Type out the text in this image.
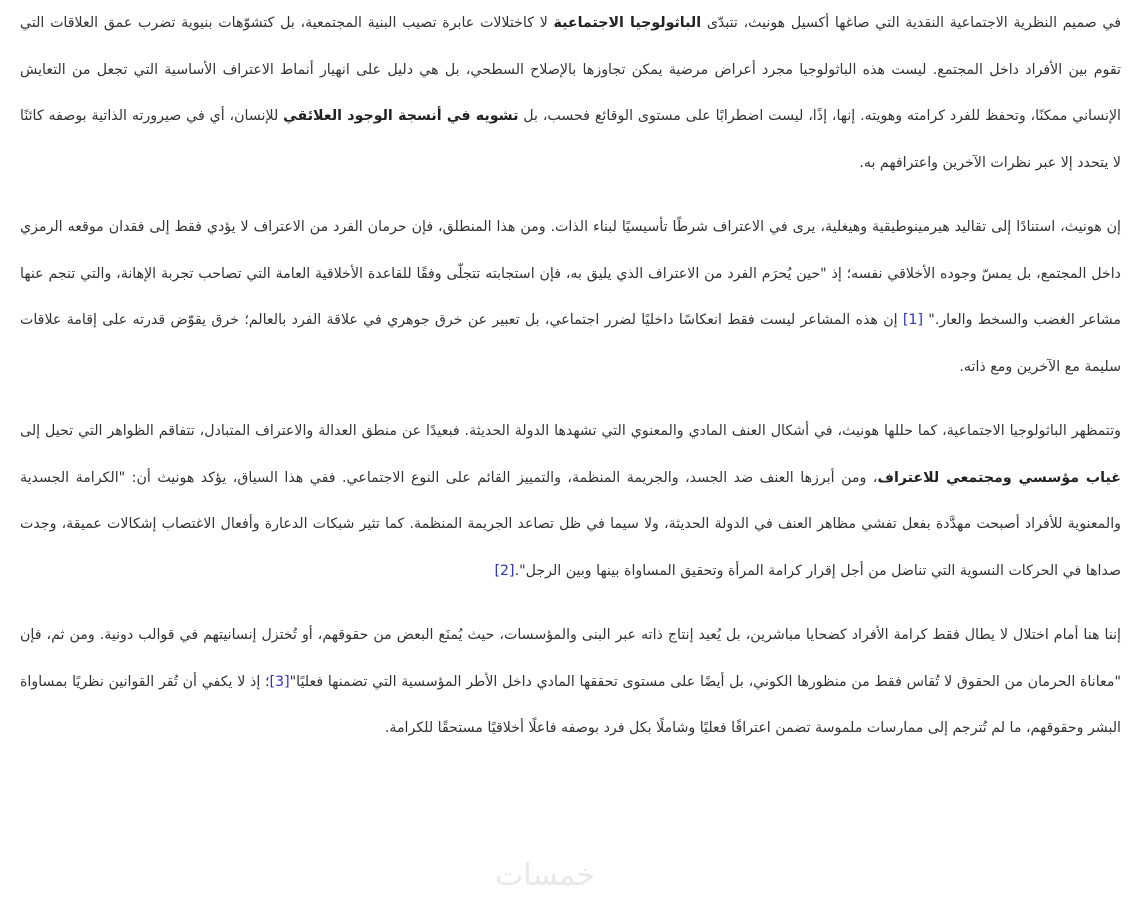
في صميم النظرية الاجتماعية النقدية التي صاغها أكسيل هونيث، تتبدّى الباثولوجيا الاجتماعية لا كاختلالات عابرة تصيب البنية المجتمعية، بل كتشوّهات بنيوية تضرب عمق العلاقات التي تقوم بين الأفراد داخل المجتمع. ليست هذه الباثولوجيا مجرد أعراض مرضية يمكن تجاوزها بالإصلاح السطحي، بل هي دليل على انهيار أنماط الاعتراف الأساسية التي تجعل من التعايش الإنساني ممكنًا، وتحفظ للفرد كرامته وهويته. إنها، إذًا، ليست اضطرابًا على مستوى الوقائع فحسب، بل تشويه في أنسجة الوجود العلائقي للإنسان، أي في صيرورته الذاتية بوصفه كائنًا لا يتحدد إلا عبر نظرات الآخرين واعترافهم به.
إن هونيث، استنادًا إلى تقاليد هيرمينوطيقية وهيغلية، يرى في الاعتراف شرطًا تأسيسيًا لبناء الذات. ومن هذا المنطلق، فإن حرمان الفرد من الاعتراف لا يؤدي فقط إلى فقدان موقعه الرمزي داخل المجتمع، بل يمسّ وجوده الأخلاقي نفسه؛ إذ "حين يُحرَم الفرد من الاعتراف الذي يليق به، فإن استجابته تتجلّى وفقًا للقاعدة الأخلاقية العامة التي تصاحب تجربة الإهانة، والتي تنجم عنها مشاعر الغضب والسخط والعار." [1] إن هذه المشاعر ليست فقط انعكاسًا داخليًا لضرر اجتماعي، بل تعبير عن خرق جوهري في علاقة الفرد بالعالم؛ خرق يقوّض قدرته على إقامة علاقات سليمة مع الآخرين ومع ذاته.
وتتمظهر الباثولوجيا الاجتماعية، كما حللها هونيث، في أشكال العنف المادي والمعنوي التي تشهدها الدولة الحديثة. فبعيدًا عن منطق العدالة والاعتراف المتبادل، تتفاقم الظواهر التي تحيل إلى غياب مؤسسي ومجتمعي للاعتراف، ومن أبرزها العنف ضد الجسد، والجريمة المنظمة، والتمييز القائم على النوع الاجتماعي. ففي هذا السياق، يؤكد هونيث أن: "الكرامة الجسدية والمعنوية للأفراد أصبحت مهدَّدة بفعل تفشي مظاهر العنف في الدولة الحديثة، ولا سيما في ظل تصاعد الجريمة المنظمة. كما تثير شبكات الدعارة وأفعال الاغتصاب إشكالات عميقة، وجدت صداها في الحركات النسوية التي تناضل من أجل إقرار كرامة المرأة وتحقيق المساواة بينها وبين الرجل".[2]
إننا هنا أمام اختلال لا يطال فقط كرامة الأفراد كضحايا مباشرين، بل يُعيد إنتاج ذاته عبر البنى والمؤسسات، حيث يُمنَع البعض من حقوقهم، أو تُختزل إنسانيتهم في قوالب دونية. ومن ثم، فإن "معاناة الحرمان من الحقوق لا تُقاس فقط من منظورها الكوني، بل أيضًا على مستوى تحققها المادي داخل الأطر المؤسسية التي تضمنها فعليًا"[3]؛ إذ لا يكفي أن تُقر القوانين نظريًا بمساواة البشر وحقوقهم، ما لم تُترجم إلى ممارسات ملموسة تضمن اعترافًا فعليًا وشاملًا بكل فرد بوصفه فاعلًا أخلاقيًا مستحقًا للكرامة.
خمسات
